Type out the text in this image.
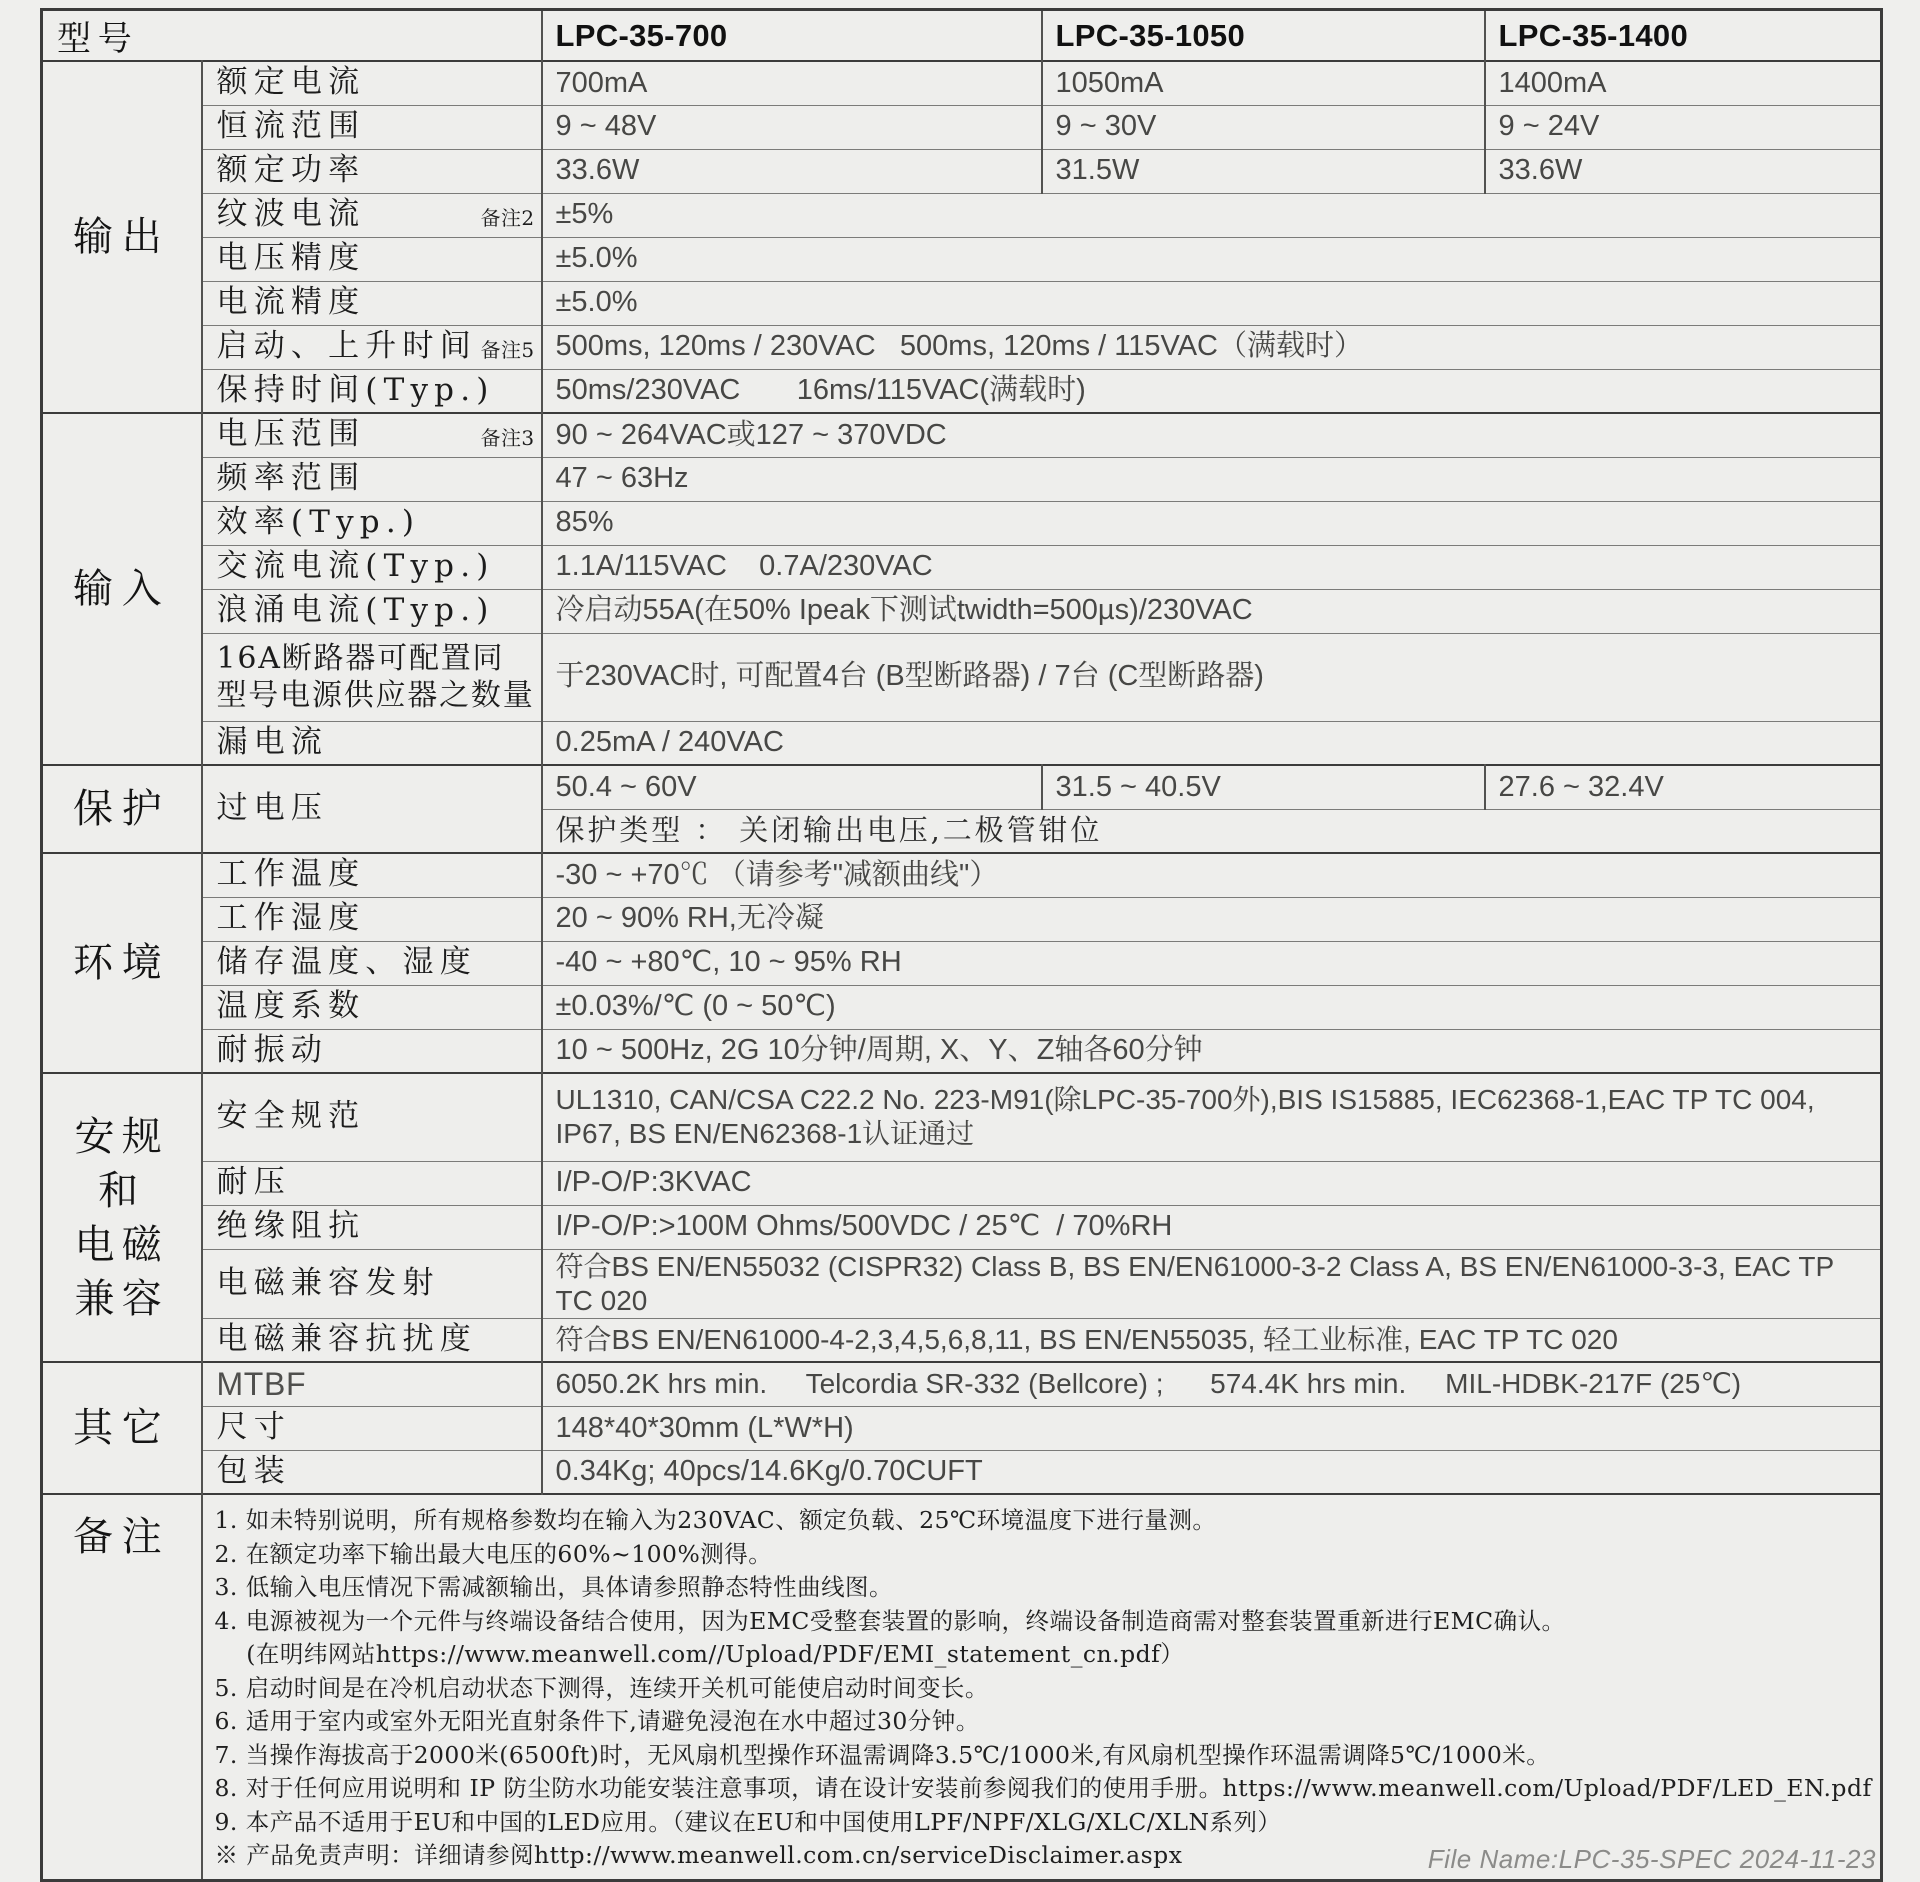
型号		LPC-35-700	LPC-35-1050	LPC-35-1400
输出	额定电流	700mA	1050mA	1400mA
	恒流范围	9 ~ 48V	9 ~ 30V	9 ~ 24V
	额定功率	33.6W	31.5W	33.6W
	纹波电流 备注2	±5%		
	电压精度	±5.0%		
	电流精度	±5.0%		
	启动、上升时间 备注5	500ms, 120ms / 230VAC   500ms, 120ms / 115VAC（满载时）		
	保持时间(Typ.)	50ms/230VAC       16ms/115VAC(满载时)		
输入	电压范围 备注3	90 ~ 264VAC或127 ~ 370VDC		
	频率范围	47 ~ 63Hz		
	效率(Typ.)	85%		
	交流电流(Typ.)	1.1A/115VAC    0.7A/230VAC		
	浪涌电流(Typ.)	冷启动55A(在50% Ipeak下测试twidth=500µs)/230VAC		
	16A断路器可配置同型号电源供应器之数量	于230VAC时, 可配置4台 (B型断路器) / 7台 (C型断路器)		
	漏电流	0.25mA / 240VAC		
保护	过电压	50.4 ~ 60V	31.5 ~ 40.5V	27.6 ~ 32.4V
		保护类型 ： 关闭输出电压,二极管钳位		
环境	工作温度	-30 ~ +70℃ （请参考"减额曲线"）		
	工作湿度	20 ~ 90% RH,无冷凝		
	储存温度、湿度	-40 ~ +80℃, 10 ~ 95% RH		
	温度系数	±0.03%/℃ (0 ~ 50℃)		
	耐振动	10 ~ 500Hz, 2G 10分钟/周期, X、Y、Z轴各60分钟		

安规
和
电磁
兼容	安全规范	UL1310, CAN/CSA C22.2 No. 223-M91(除LPC-35-700外),BIS IS15885, IEC62368-1,EAC TP TC 004, IP67, BS EN/EN62368-1认证通过		
	耐压	I/P-O/P:3KVAC		
	绝缘阻抗	I/P-O/P:>100M Ohms/500VDC / 25℃  / 70%RH		
	电磁兼容发射	符合BS EN/EN55032 (CISPR32) Class B, BS EN/EN61000-3-2 Class A, BS EN/EN61000-3-3, EAC TP TC 020		
	电磁兼容抗扰度	符合BS EN/EN61000-4-2,3,4,5,6,8,11, BS EN/EN55035, 轻工业标准, EAC TP TC 020		
其它	MTBF	6050.2K hrs min.     Telcordia SR-332 (Bellcore) ;      574.4K hrs min.     MIL-HDBK-217F (25℃)		
	尺寸	148*40*30mm (L*W*H)		
	包装	0.34Kg; 40pcs/14.6Kg/0.70CUFT		
备注	1. 如未特别说明，所有规格参数均在输入为230VAC、额定负载、25℃环境温度下进行量测。
2. 在额定功率下输出最大电压的60%~100%测得。
3. 低输入电压情况下需减额输出，具体请参照静态特性曲线图。
4. 电源被视为一个元件与终端设备结合使用，因为EMC受整套装置的影响，终端设备制造商需对整套装置重新进行EMC确认。
(在明纬网站https://www.meanwell.com//Upload/PDF/EMI_statement_cn.pdf）
5. 启动时间是在冷机启动状态下测得，连续开关机可能使启动时间变长。
6. 适用于室内或室外无阳光直射条件下,请避免浸泡在水中超过30分钟。
7. 当操作海拔高于2000米(6500ft)时，无风扇机型操作环温需调降3.5℃/1000米,有风扇机型操作环温需调降5℃/1000米。
8. 对于任何应用说明和 IP 防尘防水功能安装注意事项，请在设计安装前参阅我们的使用手册。https://www.meanwell.com/Upload/PDF/LED_EN.pdf
9. 本产品不适用于EU和中国的LED应用。（建议在EU和中国使用LPF/NPF/XLG/XLC/XLN系列）
※ 产品免责声明：详细请参阅http://www.meanwell.com.cn/serviceDisclaimer.aspx	File Name:LPC-35-SPEC 2024-11-23
